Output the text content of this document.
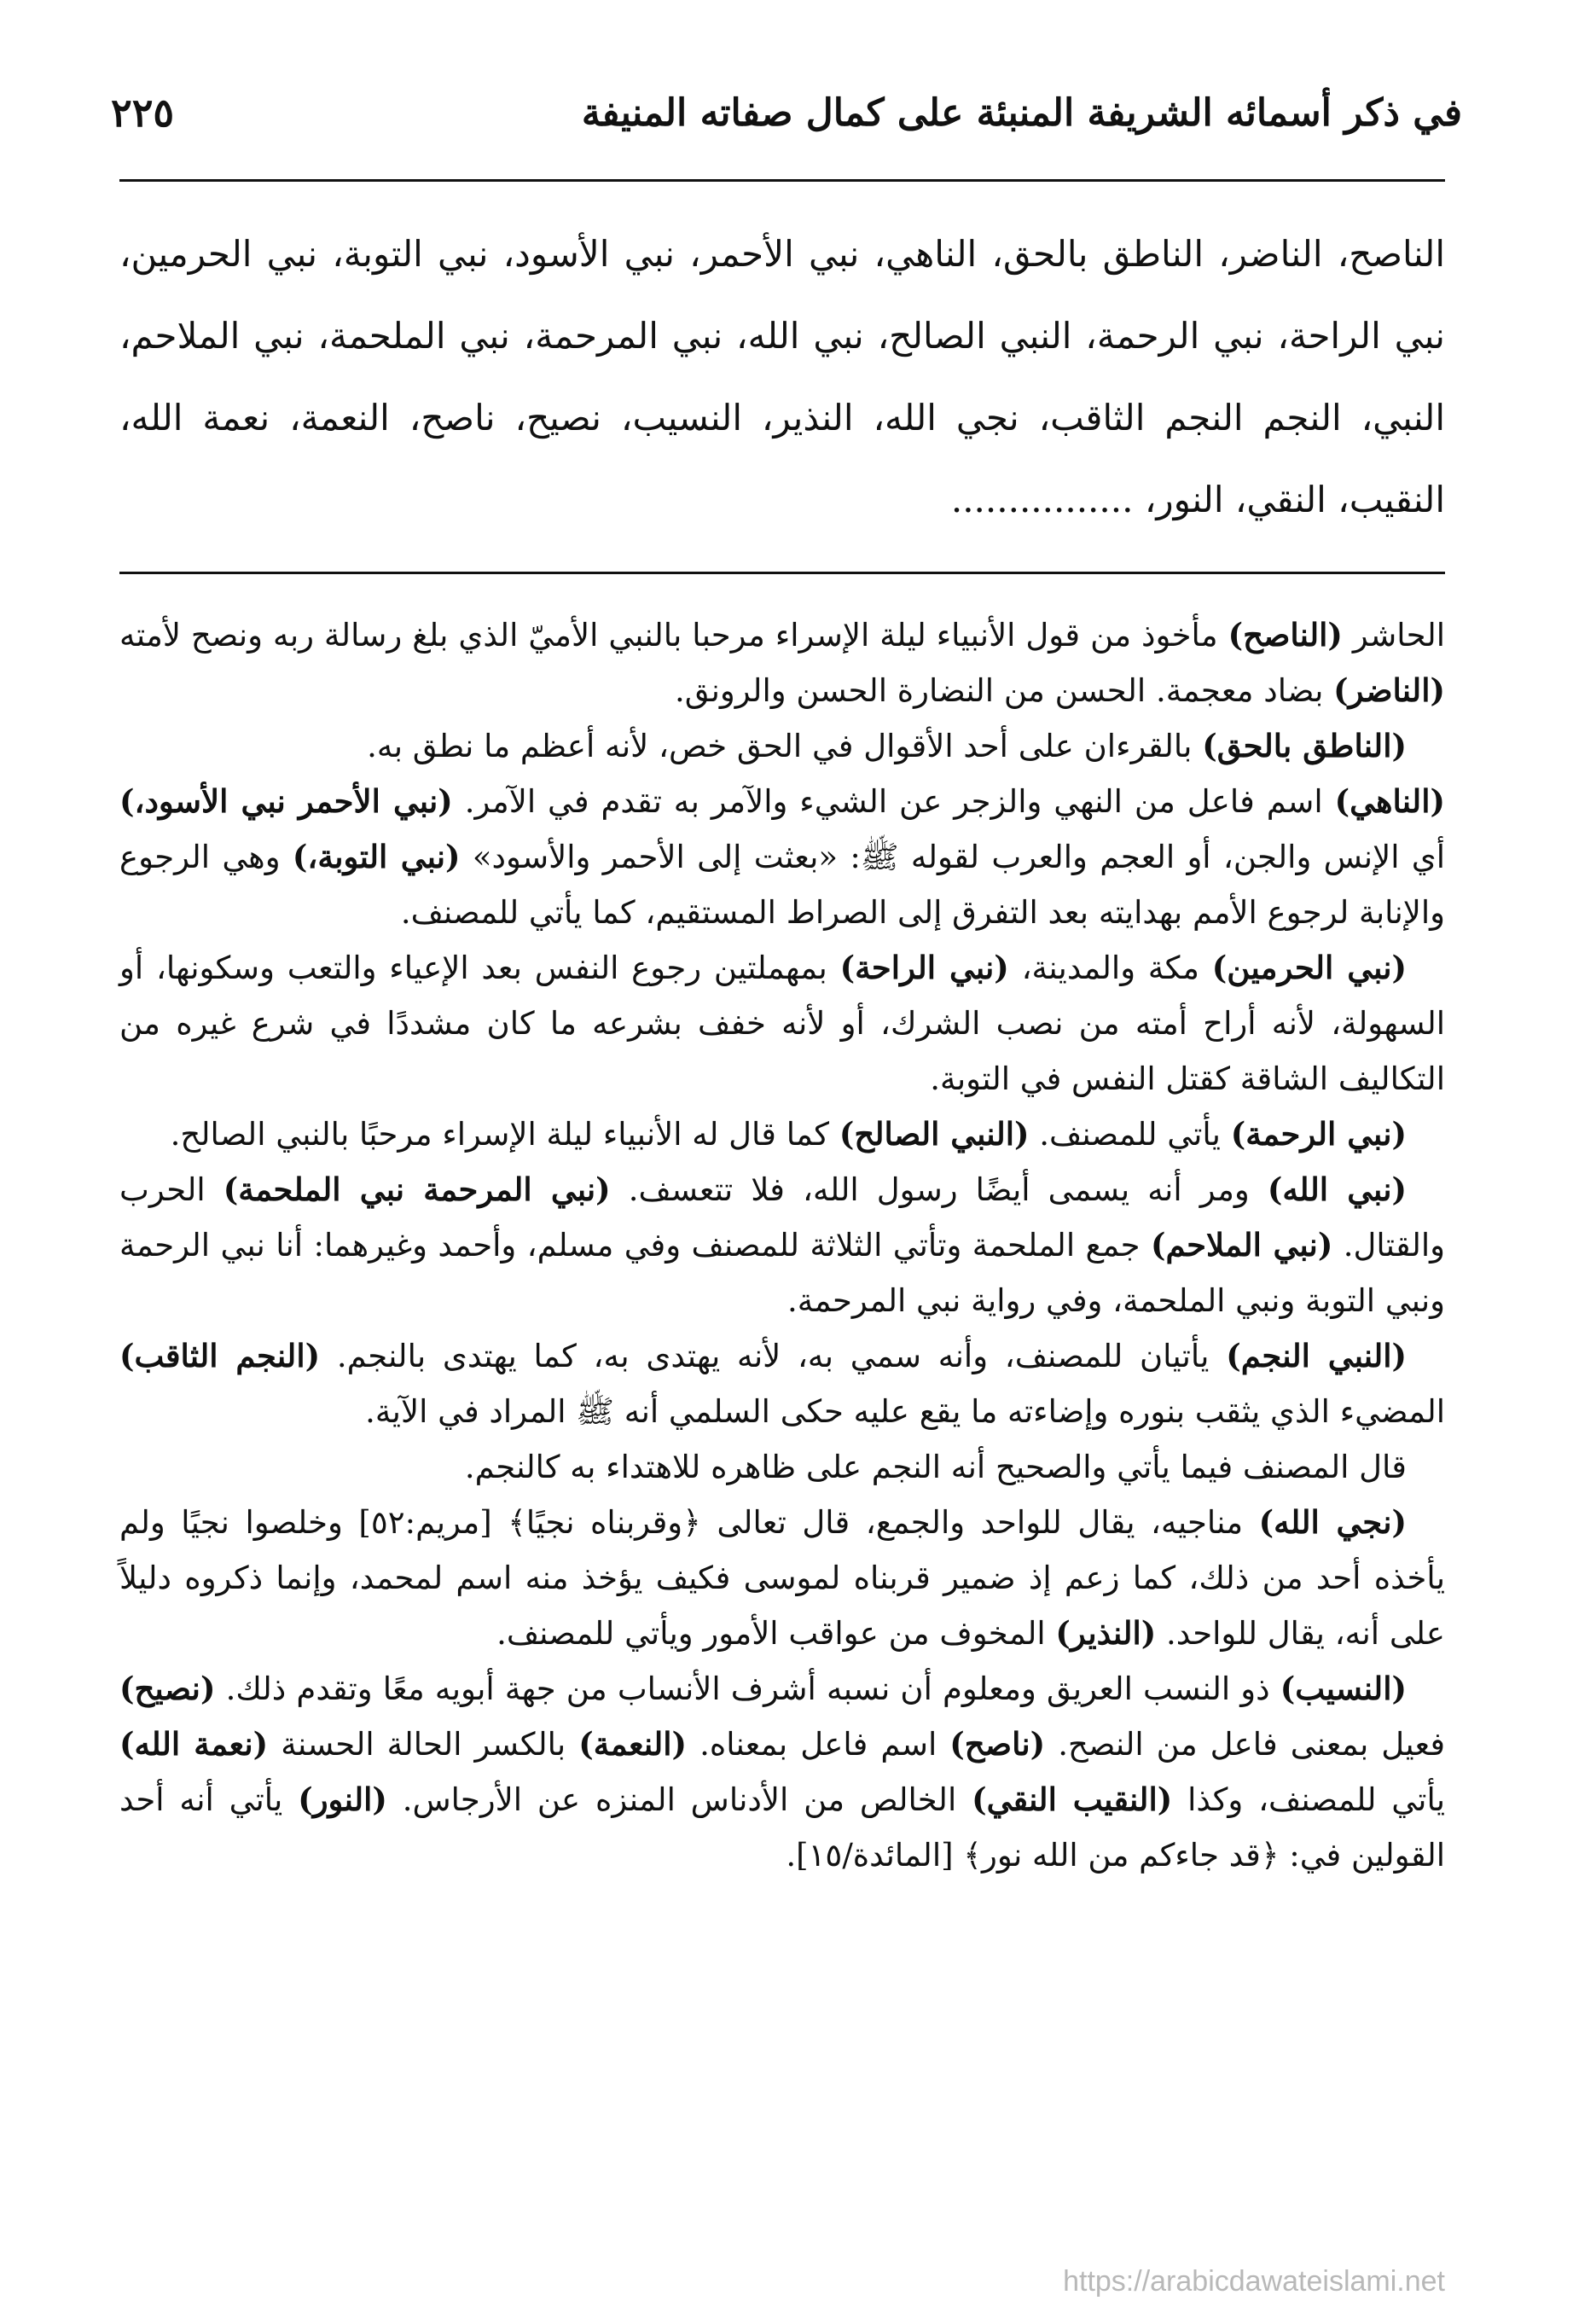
في ذكر أسمائه الشريفة المنبئة على كمال صفاته المنيفة
٢٢٥
الناصح، الناضر، الناطق بالحق، الناهي، نبي الأحمر، نبي الأسود، نبي التوبة، نبي الحرمين، نبي الراحة، نبي الرحمة، النبي الصالح، نبي الله، نبي المرحمة، نبي الملحمة، نبي الملاحم، النبي، النجم النجم الثاقب، نجي الله، النذير، النسيب، نصيح، ناصح، النعمة، نعمة الله، النقيب، النقي، النور، ................

الحاشر (الناصح) مأخوذ من قول الأنبياء ليلة الإسراء مرحبا بالنبي الأميّ الذي بلغ رسالة ربه ونصح لأمته (الناضر) بضاد معجمة. الحسن من النضارة الحسن والرونق.

(الناطق بالحق) بالقرءان على أحد الأقوال في الحق خص، لأنه أعظم ما نطق به.

(الناهي) اسم فاعل من النهي والزجر عن الشيء والآمر به تقدم في الآمر. (نبي الأحمر نبي الأسود،) أي الإنس والجن، أو العجم والعرب لقوله ﷺ: «بعثت إلى الأحمر والأسود» (نبي التوبة،) وهي الرجوع والإنابة لرجوع الأمم بهدايته بعد التفرق إلى الصراط المستقيم، كما يأتي للمصنف.

(نبي الحرمين) مكة والمدينة، (نبي الراحة) بمهملتين رجوع النفس بعد الإعياء والتعب وسكونها، أو السهولة، لأنه أراح أمته من نصب الشرك، أو لأنه خفف بشرعه ما كان مشددًا في شرع غيره من التكاليف الشاقة كقتل النفس في التوبة.

(نبي الرحمة) يأتي للمصنف. (النبي الصالح) كما قال له الأنبياء ليلة الإسراء مرحبًا بالنبي الصالح.

(نبي الله) ومر أنه يسمى أيضًا رسول الله، فلا تتعسف. (نبي المرحمة نبي الملحمة) الحرب والقتال. (نبي الملاحم) جمع الملحمة وتأتي الثلاثة للمصنف وفي مسلم، وأحمد وغيرهما: أنا نبي الرحمة ونبي التوبة ونبي الملحمة، وفي رواية نبي المرحمة.

(النبي النجم) يأتيان للمصنف، وأنه سمي به، لأنه يهتدى به، كما يهتدى بالنجم. (النجم الثاقب) المضيء الذي يثقب بنوره وإضاءته ما يقع عليه حكى السلمي أنه ﷺ المراد في الآية.

قال المصنف فيما يأتي والصحيح أنه النجم على ظاهره للاهتداء به كالنجم.

(نجي الله) مناجيه، يقال للواحد والجمع، قال تعالى ﴿وقربناه نجيًا﴾ [مريم:٥٢] وخلصوا نجيًا ولم يأخذه أحد من ذلك، كما زعم إذ ضمير قربناه لموسى فكيف يؤخذ منه اسم لمحمد، وإنما ذكروه دليلاً على أنه، يقال للواحد. (النذير) المخوف من عواقب الأمور ويأتي للمصنف.

(النسيب) ذو النسب العريق ومعلوم أن نسبه أشرف الأنساب من جهة أبويه معًا وتقدم ذلك. (نصيح) فعيل بمعنى فاعل من النصح. (ناصح) اسم فاعل بمعناه. (النعمة) بالكسر الحالة الحسنة (نعمة الله) يأتي للمصنف، وكذا (النقيب النقي) الخالص من الأدناس المنزه عن الأرجاس. (النور) يأتي أنه أحد القولين في: ﴿قد جاءكم من الله نور﴾ [المائدة/١٥].

https://arabicdawateislami.net
